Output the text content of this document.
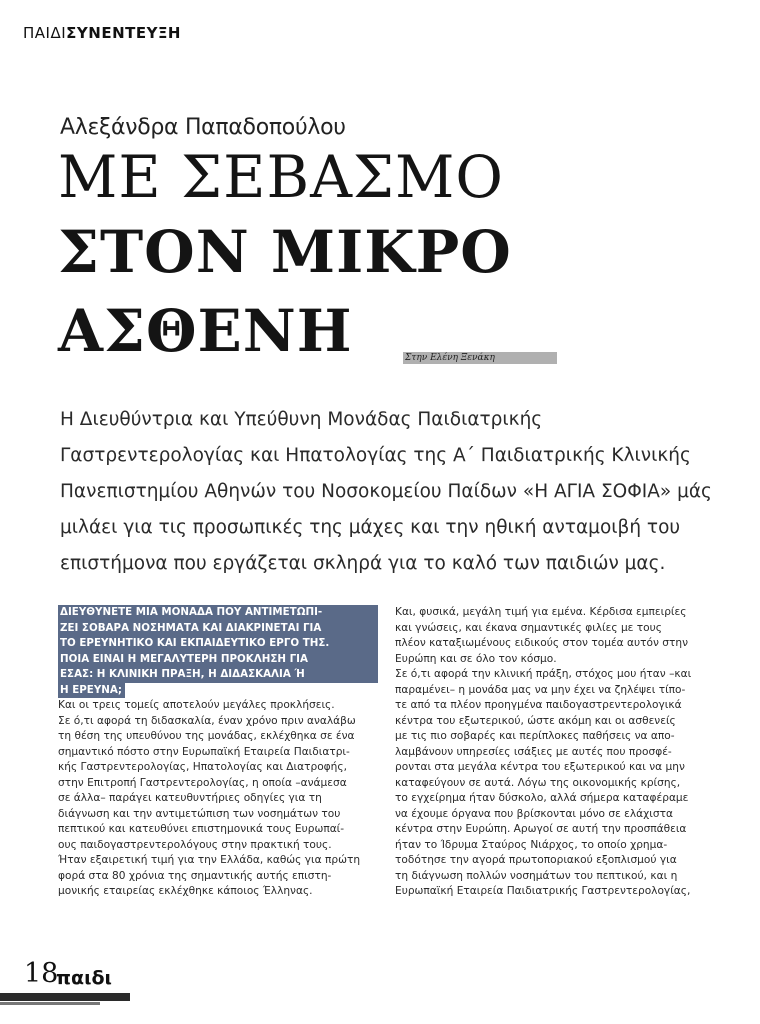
ΠΑΙΔΙΣΥΝΕΝΤΕΥΞΗ
Αλεξάνδρα Παπαδοπούλου
ΜΕ ΣΕΒΑΣΜΟ
ΣΤΟΝ ΜΙΚΡΟ
ΑΣΘΕΝΗ	Στην Ελένη Ξενάκη
Η Διευθύντρια και Υπεύθυνη Μονάδας Παιδιατρικής Γαστρεντερολογίας και Ηπατολογίας της Α΄ Παιδιατρικής Κλινικής Πανεπιστημίου Αθηνών του Νοσοκομείου Παίδων «Η ΑΓΙΑ ΣΟΦΙΑ» μάς μιλάει για τις προσωπικές της μάχες και την ηθική ανταμοιβή του επιστήμονα που εργάζεται σκληρά για το καλό των παιδιών μας.
ΔΙΕΥΘΥΝΕΤΕ ΜΙΑ ΜΟΝΑΔΑ ΠΟΥ ΑΝΤΙΜΕΤΩΠΙ-
ΖΕΙ ΣΟΒΑΡΑ ΝΟΣΗΜΑΤΑ ΚΑΙ ΔΙΑΚΡΙΝΕΤΑΙ ΓΙΑ
ΤΟ ΕΡΕΥΝΗΤΙΚΟ ΚΑΙ ΕΚΠΑΙΔΕΥΤΙΚΟ ΕΡΓΟ ΤΗΣ.
ΠΟΙΑ ΕΙΝΑΙ Η ΜΕΓΑΛΥΤΕΡΗ ΠΡΟΚΛΗΣΗ ΓΙΑ
ΕΣΑΣ: Η ΚΛΙΝΙΚΗ ΠΡΑΞΗ, Η ΔΙΔΑΣΚΑΛΙΑ Ή
Η ΕΡΕΥΝΑ;
Και οι τρεις τομείς αποτελούν μεγάλες προκλήσεις.
Σε ό,τι αφορά τη διδασκαλία, έναν χρόνο πριν αναλάβω
τη θέση της υπευθύνου της μονάδας, εκλέχθηκα σε ένα
σημαντικό πόστο στην Ευρωπαϊκή Εταιρεία Παιδιατρι-
κής Γαστρεντερολογίας, Ηπατολογίας και Διατροφής,
στην Επιτροπή Γαστρεντερολογίας, η οποία –ανάμεσα
σε άλλα– παράγει κατευθυντήριες οδηγίες για τη
διάγνωση και την αντιμετώπιση των νοσημάτων του
πεπτικού και κατευθύνει επιστημονικά τους Ευρωπαί-
ους παιδογαστρεντερολόγους στην πρακτική τους.
Ήταν εξαιρετική τιμή για την Ελλάδα, καθώς για πρώτη
φορά στα 80 χρόνια της σημαντικής αυτής επιστη-
μονικής εταιρείας εκλέχθηκε κάποιος Έλληνας.
Και, φυσικά, μεγάλη τιμή για εμένα. Κέρδισα εμπειρίες
και γνώσεις, και έκανα σημαντικές φιλίες με τους
πλέον καταξιωμένους ειδικούς στον τομέα αυτόν στην
Ευρώπη και σε όλο τον κόσμο.
Σε ό,τι αφορά την κλινική πράξη, στόχος μου ήταν –και
παραμένει– η μονάδα μας να μην έχει να ζηλέψει τίπο-
τε από τα πλέον προηγμένα παιδογαστρεντερολογικά
κέντρα του εξωτερικού, ώστε ακόμη και οι ασθενείς
με τις πιο σοβαρές και περίπλοκες παθήσεις να απο-
λαμβάνουν υπηρεσίες ισάξιες με αυτές που προσφέ-
ρονται στα μεγάλα κέντρα του εξωτερικού και να μην
καταφεύγουν σε αυτά. Λόγω της οικονομικής κρίσης,
το εγχείρημα ήταν δύσκολο, αλλά σήμερα καταφέραμε
να έχουμε όργανα που βρίσκονται μόνο σε ελάχιστα
κέντρα στην Ευρώπη. Αρωγοί σε αυτή την προσπάθεια
ήταν το Ίδρυμα Σταύρος Νιάρχος, το οποίο χρημα-
τοδότησε την αγορά πρωτοποριακού εξοπλισμού για
τη διάγνωση πολλών νοσημάτων του πεπτικού, και η
Ευρωπαϊκή Εταιρεία Παιδιατρικής Γαστρεντερολογίας,
18
παιδι
